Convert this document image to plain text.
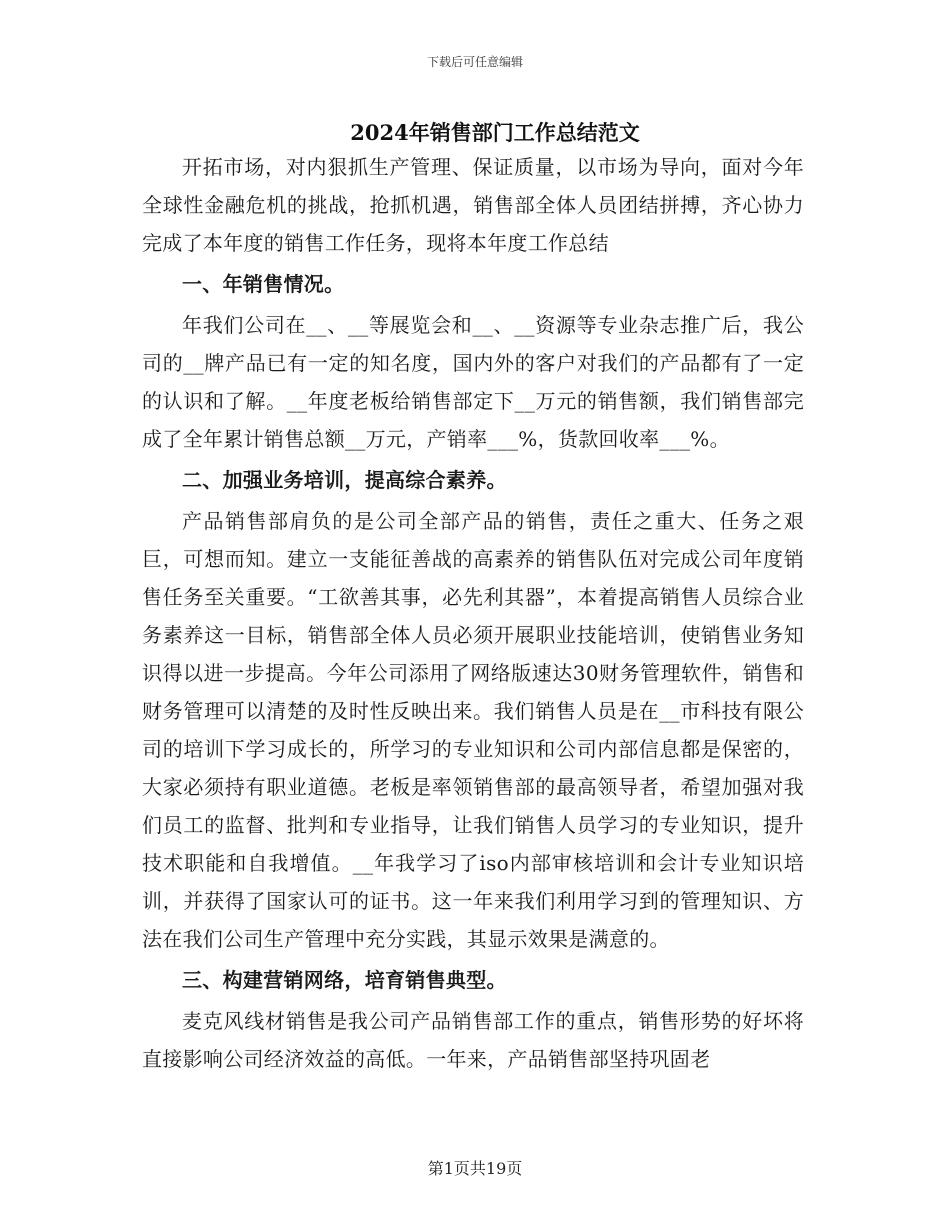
下载后可任意编辑
2024年销售部门工作总结范文

开拓市场，对内狠抓生产管理、保证质量，以市场为导向，面对今年全球性金融危机的挑战，抢抓机遇，销售部全体人员团结拼搏，齐心协力完成了本年度的销售工作任务，现将本年度工作总结

一、年销售情况。

年我们公司在__、__等展览会和__、__资源等专业杂志推广后，我公司的__牌产品已有一定的知名度，国内外的客户对我们的产品都有了一定的认识和了解。__年度老板给销售部定下__万元的销售额，我们销售部完成了全年累计销售总额__万元，产销率___%，货款回收率___%。

二、加强业务培训，提高综合素养。

产品销售部肩负的是公司全部产品的销售，责任之重大、任务之艰巨，可想而知。建立一支能征善战的高素养的销售队伍对完成公司年度销售任务至关重要。“工欲善其事，必先利其器”，本着提高销售人员综合业务素养这一目标，销售部全体人员必须开展职业技能培训，使销售业务知识得以进一步提高。今年公司添用了网络版速达30财务管理软件，销售和财务管理可以清楚的及时性反映出来。我们销售人员是在__市科技有限公司的培训下学习成长的，所学习的专业知识和公司内部信息都是保密的，大家必须持有职业道德。老板是率领销售部的最高领导者，希望加强对我们员工的监督、批判和专业指导，让我们销售人员学习的专业知识，提升技术职能和自我增值。__年我学习了iso内部审核培训和会计专业知识培训，并获得了国家认可的证书。这一年来我们利用学习到的管理知识、方法在我们公司生产管理中充分实践，其显示效果是满意的。

三、构建营销网络，培育销售典型。

麦克风线材销售是我公司产品销售部工作的重点，销售形势的好坏将直接影响公司经济效益的高低。一年来，产品销售部坚持巩固老

第1页共19页
